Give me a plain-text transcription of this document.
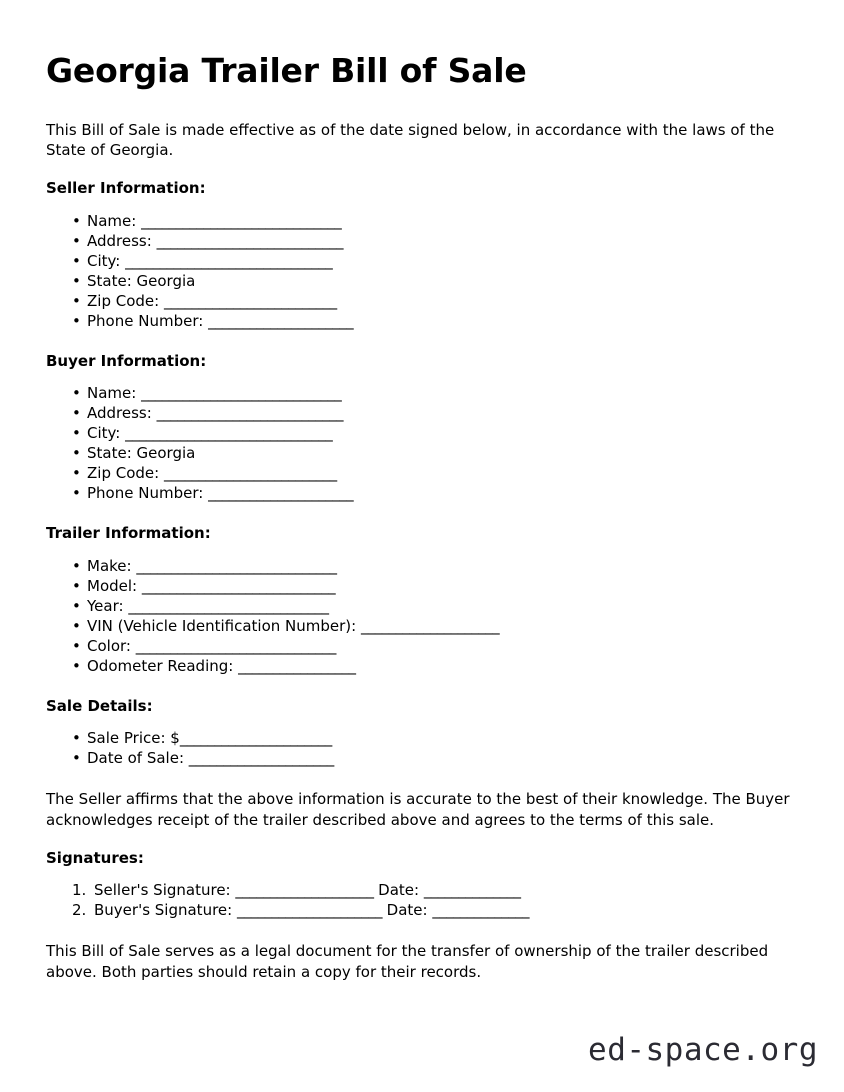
Georgia Trailer Bill of Sale

This Bill of Sale is made effective as of the date signed below, in accordance with the laws of the State of Georgia.

Seller Information:
• Name: _____________________________
• Address: ___________________________
• City: ______________________________
• State: Georgia
• Zip Code: _________________________
• Phone Number: _____________________
Buyer Information:
• Name: _____________________________
• Address: ___________________________
• City: ______________________________
• State: Georgia
• Zip Code: _________________________
• Phone Number: _____________________
Trailer Information:
• Make: _____________________________
• Model: ____________________________
• Year: _____________________________
• VIN (Vehicle Identification Number): ____________________
• Color: _____________________________
• Odometer Reading: _________________
Sale Details:
• Sale Price: $______________________
• Date of Sale: _____________________

The Seller affirms that the above information is accurate to the best of their knowledge. The Buyer acknowledges receipt of the trailer described above and agrees to the terms of this sale.

Signatures:
Seller's Signature: ____________________ Date: ______________
Buyer's Signature: _____________________ Date: ______________

This Bill of Sale serves as a legal document for the transfer of ownership of the trailer described above. Both parties should retain a copy for their records.

ed-space.org
